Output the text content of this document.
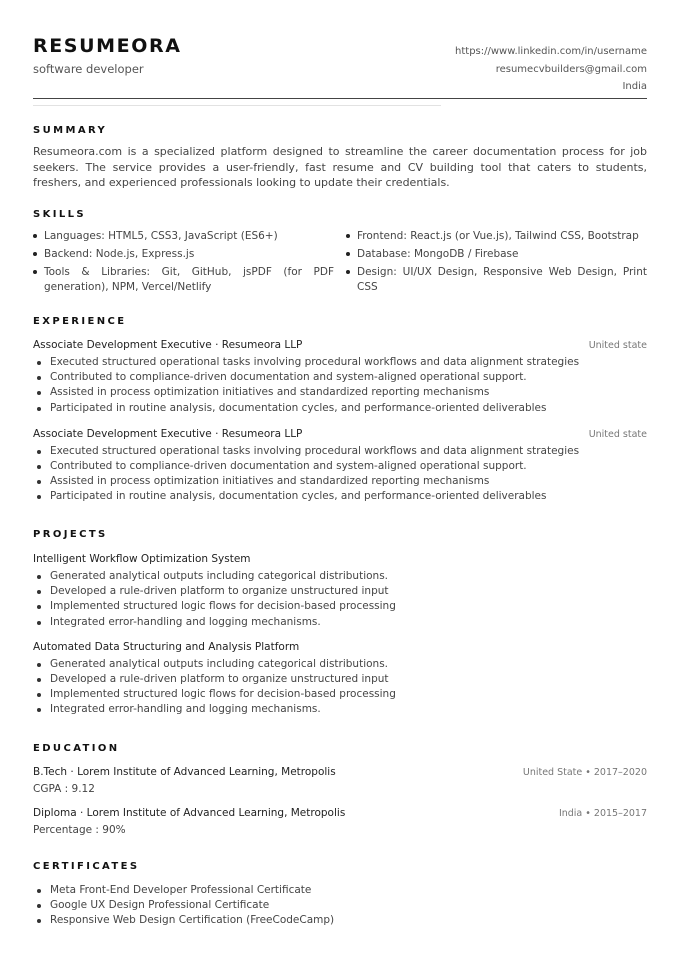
RESUMEORA
software developer
https://www.linkedin.com/in/username
resumecvbuilders@gmail.com
India
SUMMARY

Resumeora.com is a specialized platform designed to streamline the career documentation process for job seekers. The service provides a user-friendly, fast resume and CV building tool that caters to students, freshers, and experienced professionals looking to update their credentials.

SKILLS
Languages: HTML5, CSS3, JavaScript (ES6+)	Frontend: React.js (or Vue.js), Tailwind CSS, Bootstrap
Backend: Node.js, Express.js	Database: MongoDB / Firebase
Tools & Libraries: Git, GitHub, jsPDF (for PDF generation), NPM, Vercel/Netlify
Design: UI/UX Design, Responsive Web Design, Print CSS
EXPERIENCE
Associate Development Executive · Resumeora LLP	United state
Executed structured operational tasks involving procedural workflows and data alignment strategies
Contributed to compliance-driven documentation and system-aligned operational support.
Assisted in process optimization initiatives and standardized reporting mechanisms
Participated in routine analysis, documentation cycles, and performance-oriented deliverables
Associate Development Executive · Resumeora LLP	United state
Executed structured operational tasks involving procedural workflows and data alignment strategies
Contributed to compliance-driven documentation and system-aligned operational support.
Assisted in process optimization initiatives and standardized reporting mechanisms
Participated in routine analysis, documentation cycles, and performance-oriented deliverables
PROJECTS
Intelligent Workflow Optimization System
Generated analytical outputs including categorical distributions.
Developed a rule-driven platform to organize unstructured input
Implemented structured logic flows for decision-based processing
Integrated error-handling and logging mechanisms.
Automated Data Structuring and Analysis Platform
Generated analytical outputs including categorical distributions.
Developed a rule-driven platform to organize unstructured input
Implemented structured logic flows for decision-based processing
Integrated error-handling and logging mechanisms.
EDUCATION
B.Tech · Lorem Institute of Advanced Learning, Metropolis	United State • 2017–2020
CGPA : 9.12
Diploma · Lorem Institute of Advanced Learning, Metropolis	India • 2015–2017
Percentage : 90%
CERTIFICATES
Meta Front-End Developer Professional Certificate
Google UX Design Professional Certificate
Responsive Web Design Certification (FreeCodeCamp)
